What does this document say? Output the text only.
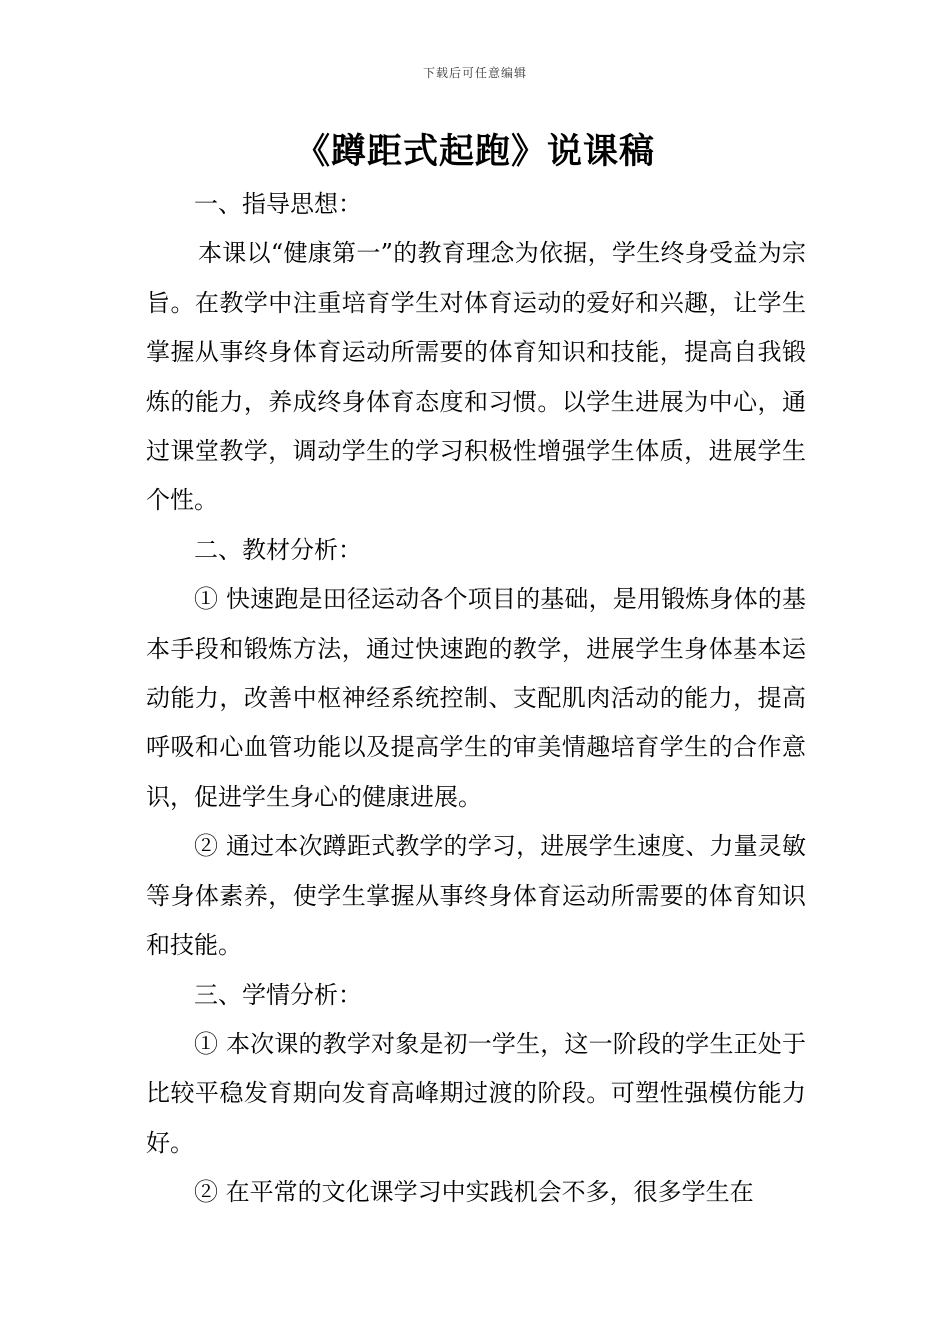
下载后可任意编辑
《蹲距式起跑》说课稿

一、指导思想：

本课以“健康第一”的教育理念为依据，学生终身受益为宗旨。在教学中注重培育学生对体育运动的爱好和兴趣，让学生掌握从事终身体育运动所需要的体育知识和技能，提高自我锻炼的能力，养成终身体育态度和习惯。以学生进展为中心，通过课堂教学，调动学生的学习积极性增强学生体质，进展学生个性。

二、教材分析：

① 快速跑是田径运动各个项目的基础，是用锻炼身体的基本手段和锻炼方法，通过快速跑的教学，进展学生身体基本运动能力，改善中枢神经系统控制、支配肌肉活动的能力，提高呼吸和心血管功能以及提高学生的审美情趣培育学生的合作意识，促进学生身心的健康进展。

② 通过本次蹲距式教学的学习，进展学生速度、力量灵敏等身体素养，使学生掌握从事终身体育运动所需要的体育知识和技能。

三、学情分析：

① 本次课的教学对象是初一学生，这一阶段的学生正处于比较平稳发育期向发育高峰期过渡的阶段。可塑性强模仿能力好。

② 在平常的文化课学习中实践机会不多，很多学生在
